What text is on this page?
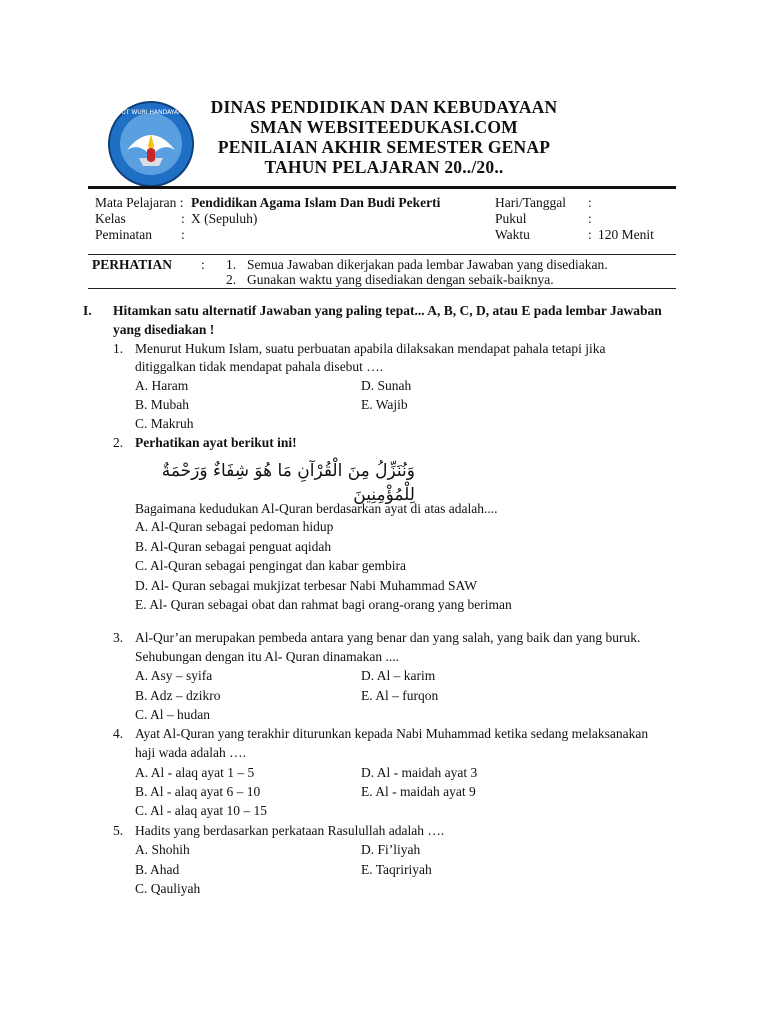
TUT WURI HANDAYANI	DINAS PENDIDIKAN DAN KEBUDAYAAN
SMAN WEBSITEEDUKASI.COM
PENILAIAN AKHIR SEMESTER GENAP
TAHUN PELAJARAN 20../20..
Mata Pelajaran : Pendidikan Agama Islam Dan Budi Pekerti
Kelas	: X (Sepuluh)
Peminatan :
Hari/Tanggal :
Pukul	:
Waktu	: 120 Menit
PERHATIAN : 1. Semua Jawaban dikerjakan pada lembar Jawaban yang disediakan.
2. Gunakan waktu yang disediakan dengan sebaik-baiknya.
I. Hitamkan satu alternatif Jawaban yang paling tepat... A, B, C, D, atau E pada lembar Jawaban
yang disediakan !
1. Menurut Hukum Islam, suatu perbuatan apabila dilaksakan mendapat pahala tetapi jika
ditiggalkan tidak mendapat pahala disebut ….
A. Haram
B. Mubah
C. Makruh
D. Sunah
E. Wajib
2. Perhatikan ayat berikut ini!
وَنُنَزِّلُ مِنَ الْقُرْآنِ مَا هُوَ شِفَاءٌ وَرَحْمَةٌ لِلْمُؤْمِنِينَ
Bagaimana kedudukan Al-Quran berdasarkan ayat di atas adalah....
A. Al-Quran sebagai pedoman hidup
B. Al-Quran sebagai penguat aqidah
C. Al-Quran sebagai pengingat dan kabar gembira
D. Al- Quran sebagai mukjizat terbesar Nabi Muhammad SAW
E. Al- Quran sebagai obat dan rahmat bagi orang-orang yang beriman
3. Al-Qur’an merupakan pembeda antara yang benar dan yang salah, yang baik dan yang buruk.
Sehubungan dengan itu Al- Quran dinamakan ....
A. Asy – syifa
B. Adz – dzikro
C. Al – hudan
D. Al – karim
E. Al – furqon
4. Ayat Al-Quran yang terakhir diturunkan kepada Nabi Muhammad ketika sedang melaksanakan
haji wada adalah ….
A. Al - alaq ayat 1 – 5
B. Al - alaq ayat 6 – 10
C. Al - alaq ayat 10 – 15
D. Al - maidah ayat 3
E. Al - maidah ayat 9
5. Hadits yang berdasarkan perkataan Rasulullah adalah ….
A. Shohih
B. Ahad
C. Qauliyah
D. Fi’liyah
E. Taqririyah
